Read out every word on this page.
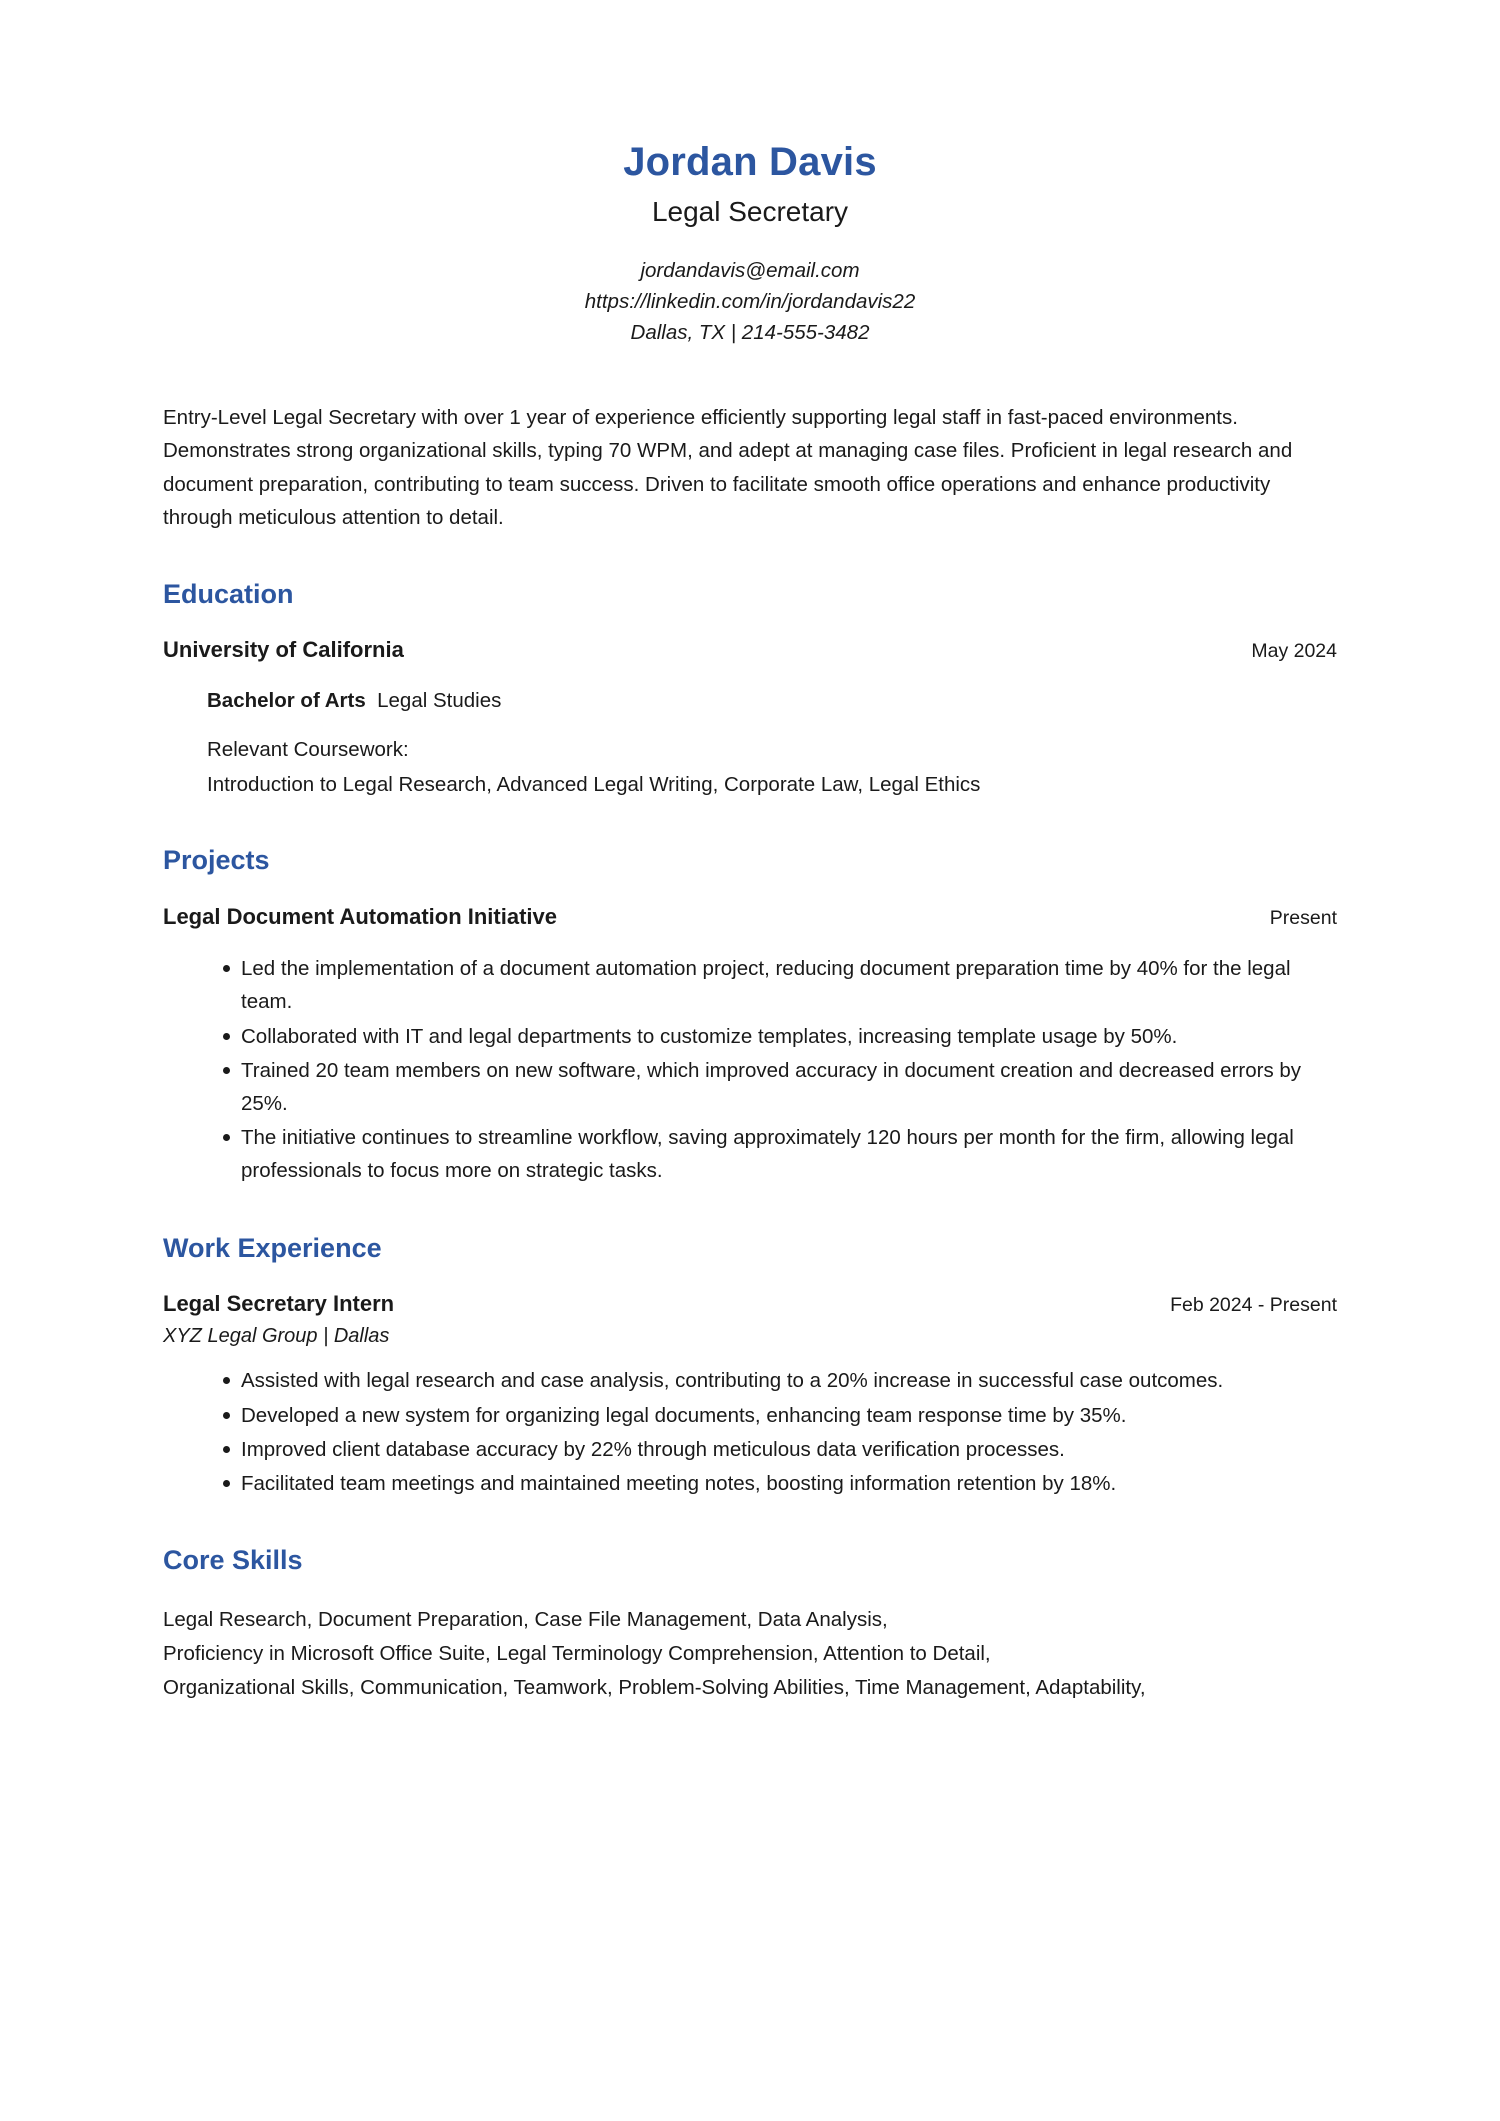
Jordan Davis
Legal Secretary
jordandavis@email.com
https://linkedin.com/in/jordandavis22
Dallas, TX | 214-555-3482
Entry-Level Legal Secretary with over 1 year of experience efficiently supporting legal staff in fast-paced environments. Demonstrates strong organizational skills, typing 70 WPM, and adept at managing case files. Proficient in legal research and document preparation, contributing to team success. Driven to facilitate smooth office operations and enhance productivity through meticulous attention to detail.
Education
University of California	May 2024
Bachelor of Arts Legal Studies
Relevant Coursework:
Introduction to Legal Research, Advanced Legal Writing, Corporate Law, Legal Ethics
Projects
Legal Document Automation Initiative	Present
Led the implementation of a document automation project, reducing document preparation time by 40% for the legal team.
Collaborated with IT and legal departments to customize templates, increasing template usage by 50%.
Trained 20 team members on new software, which improved accuracy in document creation and decreased errors by 25%.
The initiative continues to streamline workflow, saving approximately 120 hours per month for the firm, allowing legal professionals to focus more on strategic tasks.
Work Experience
Legal Secretary Intern	Feb 2024 - Present
XYZ Legal Group | Dallas
Assisted with legal research and case analysis, contributing to a 20% increase in successful case outcomes.
Developed a new system for organizing legal documents, enhancing team response time by 35%.
Improved client database accuracy by 22% through meticulous data verification processes.
Facilitated team meetings and maintained meeting notes, boosting information retention by 18%.
Core Skills
Legal Research, Document Preparation, Case File Management, Data Analysis,
Proficiency in Microsoft Office Suite, Legal Terminology Comprehension, Attention to Detail,
Organizational Skills, Communication, Teamwork, Problem-Solving Abilities, Time Management, Adaptability,
